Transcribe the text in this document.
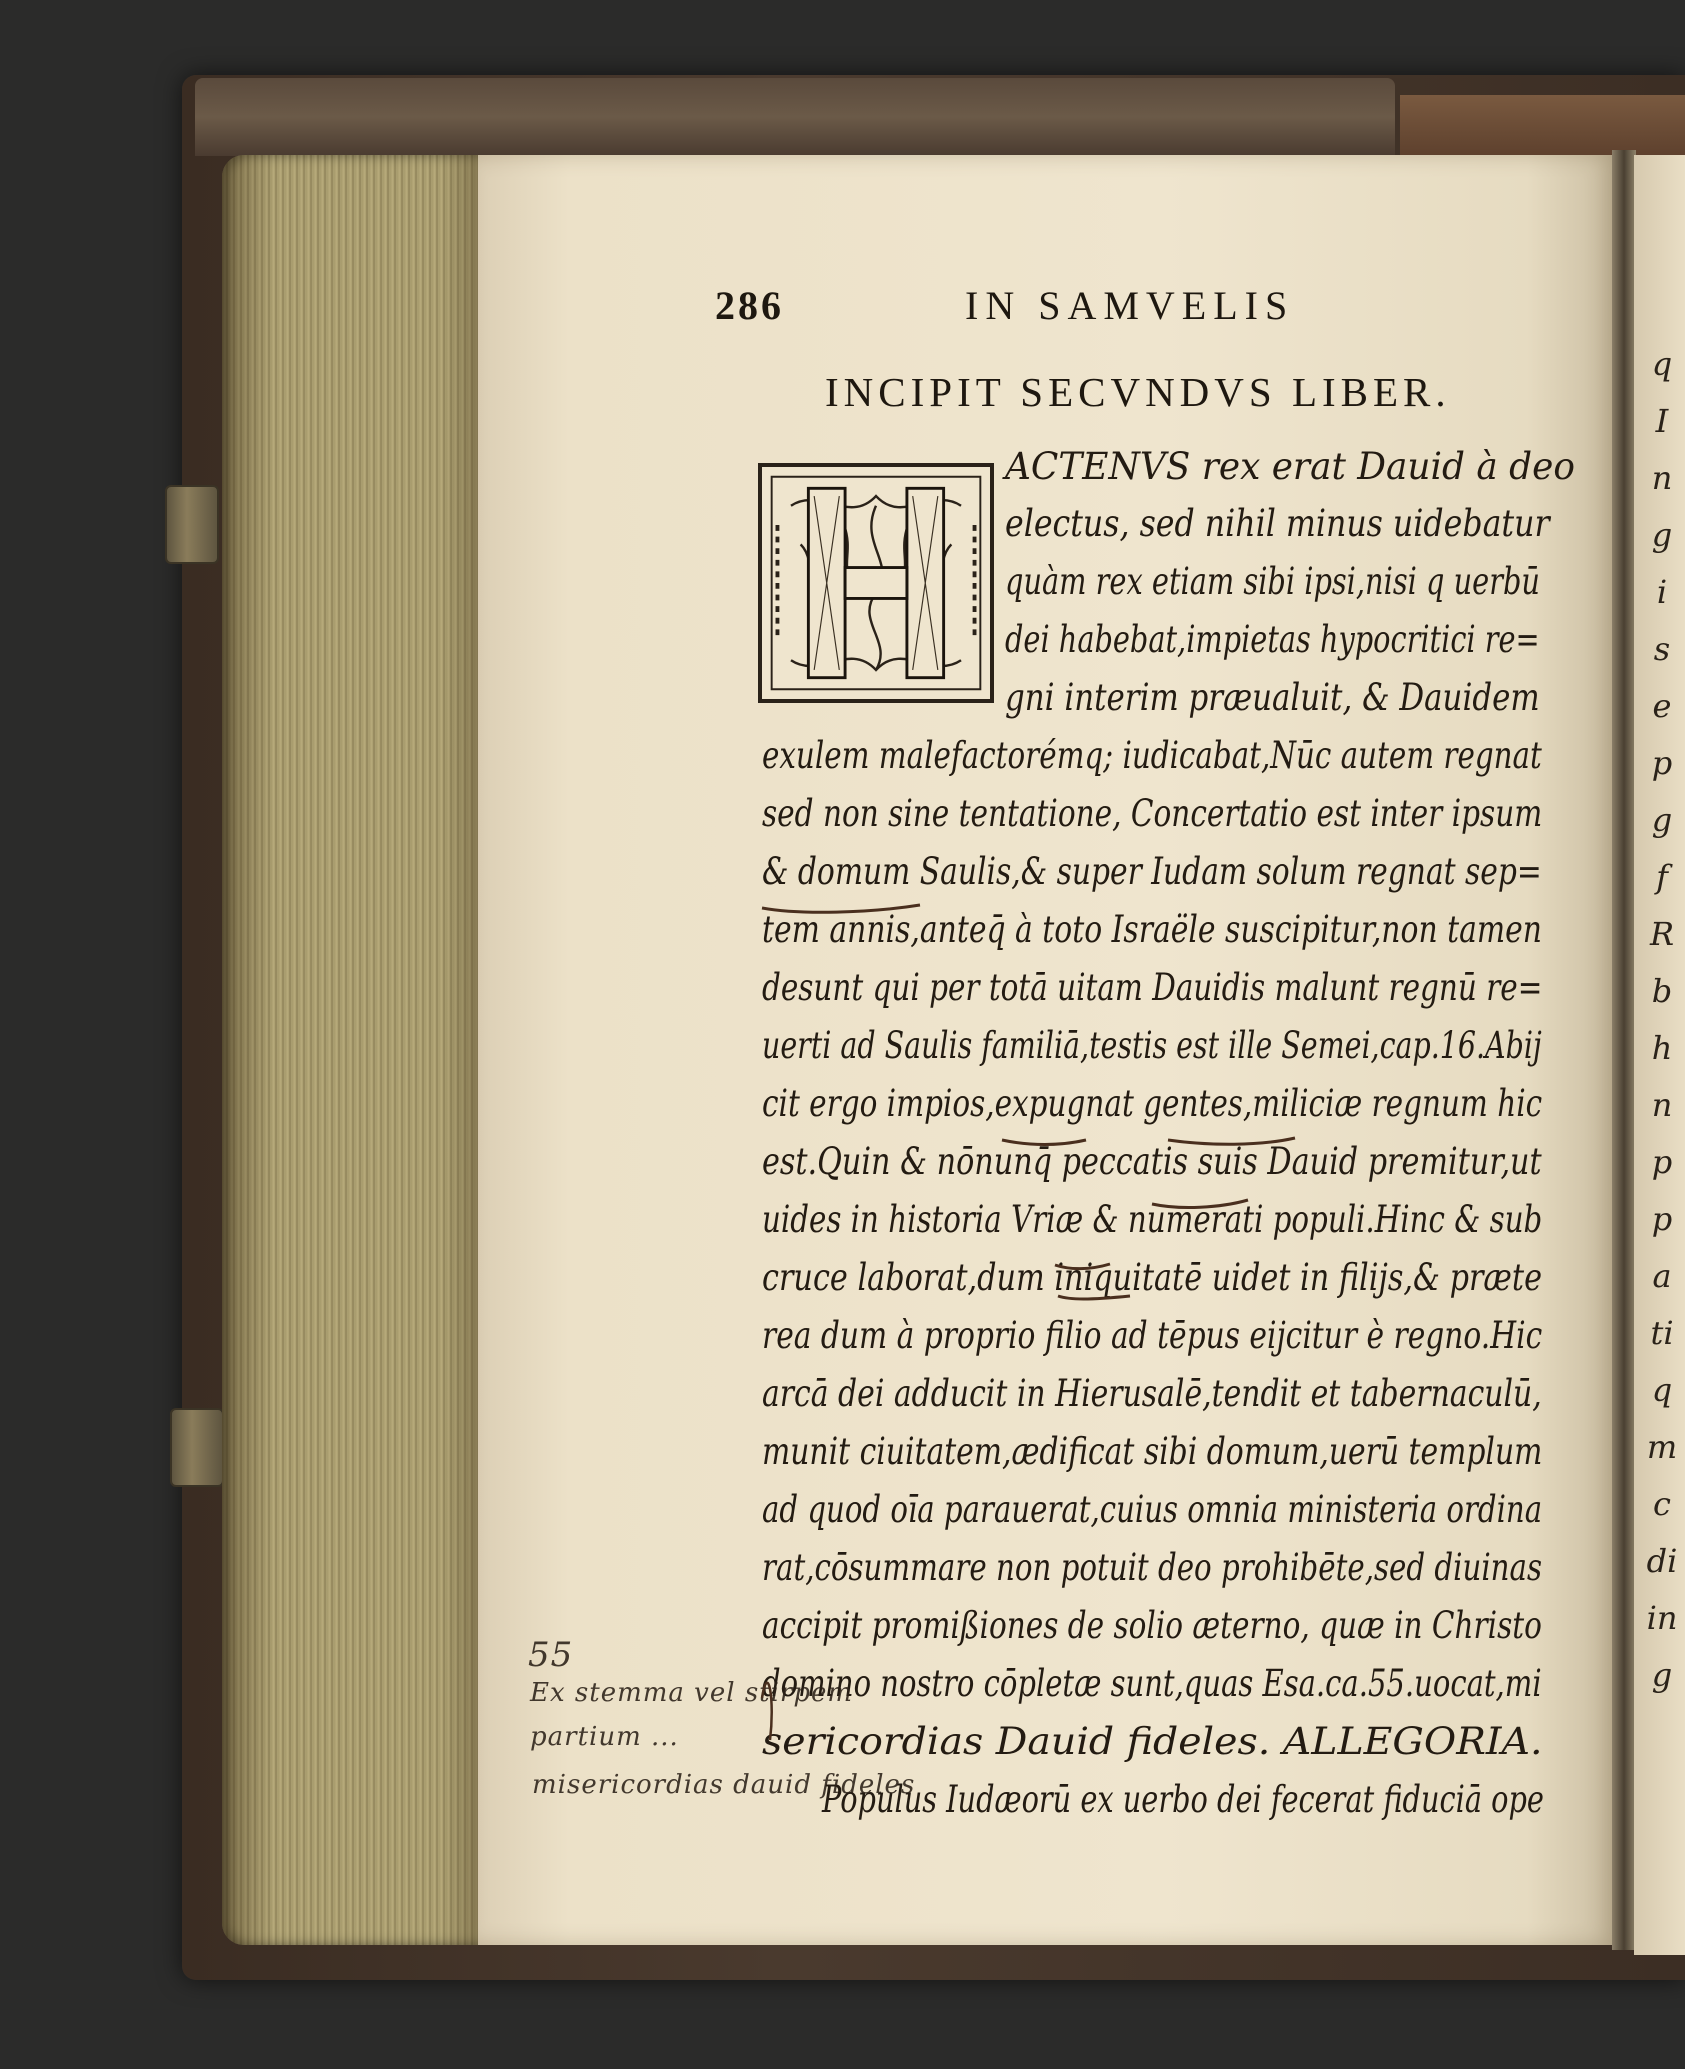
286	IN SAMVELIS
INCIPIT SECVNDVS LIBER.
ACTENVS rex erat Dauid à deo
electus, sed nihil minus uidebatur
quàm rex etiam sibi ipsi,nisi q uerbū
dei habebat,impietas hypocritici re=
gni interim præualuit, & Dauidem
exulem malefactorémq; iudicabat,Nūc autem regnat
sed non sine tentatione, Concertatio est inter ipsum
& domum Saulis,& super Iudam solum regnat sep=
tem annis,anteq̄ à toto Israële suscipitur,non tamen
desunt qui per totā uitam Dauidis malunt regnū re=
uerti ad Saulis familiā,testis est ille Semei,cap.16.Abij
cit ergo impios,expugnat gentes,miliciæ regnum hic
est.Quin & nōnunq̄ peccatis suis Dauid premitur,ut
uides in historia Vriæ & numerati populi.Hinc & sub
cruce laborat,dum iniquitatē uidet in filijs,& præte
rea dum à proprio filio ad tēpus eijcitur è regno.Hic
arcā dei adducit in Hierusalē,tendit et tabernaculū,
munit ciuitatem,ædificat sibi domum,uerū templum
ad quod oīa parauerat,cuius omnia ministeria ordina
rat,cōsummare non potuit deo prohibēte,sed diuinas
accipit promißiones de solio æterno, quæ in Christo
domino nostro cōpletæ sunt,quas Esa.ca.55.uocat,mi
sericordias Dauid fideles. ALLEGORIA.
Populus Iudæorū ex uerbo dei fecerat fiduciā ope
55
Ex stemma vel stirpem
partium ...
misericordias dauid fideles
q
I
n
g
i
s
e
p
g
f
R
b
h
n
p
p
a
ti
q
m
c
di
in
g
